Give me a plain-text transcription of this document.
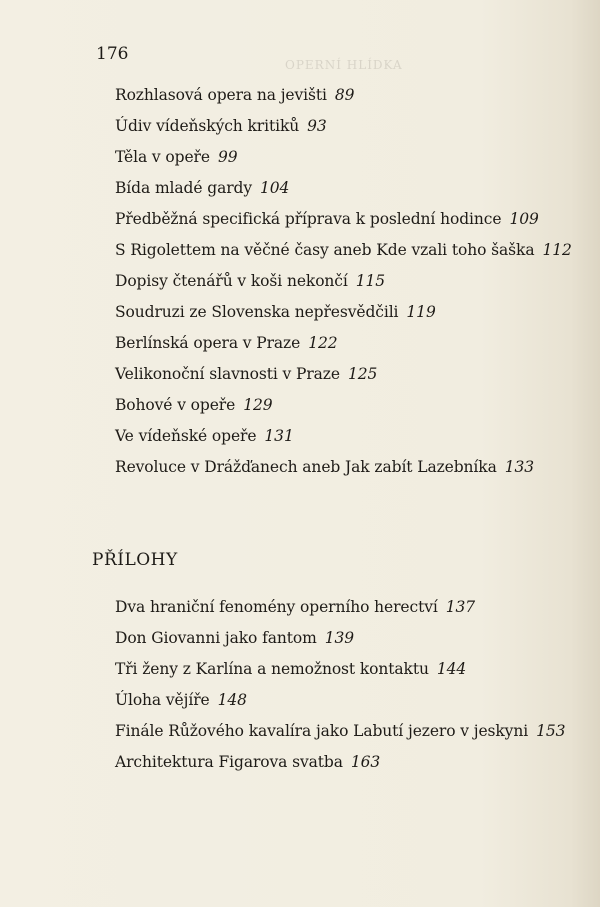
OPERNÍ HLÍDKA
176
Rozhlasová opera na jevišti 89
Údiv vídeňských kritiků 93
Těla v opeře 99
Bída mladé gardy 104
Předběžná specifická příprava k poslední hodince 109
S Rigolettem na věčné časy aneb Kde vzali toho šaška 112
Dopisy čtenářů v koši nekončí 115
Soudruzi ze Slovenska nepřesvědčili 119
Berlínská opera v Praze 122
Velikonoční slavnosti v Praze 125
Bohové v opeře 129
Ve vídeňské opeře 131
Revoluce v Drážďanech aneb Jak zabít Lazebníka 133
PŘÍLOHY
Dva hraniční fenomény operního herectví 137
Don Giovanni jako fantom 139
Tři ženy z Karlína a nemožnost kontaktu 144
Úloha vějíře 148
Finále Růžového kavalíra jako Labutí jezero v jeskyni 153
Architektura Figarova svatba 163
